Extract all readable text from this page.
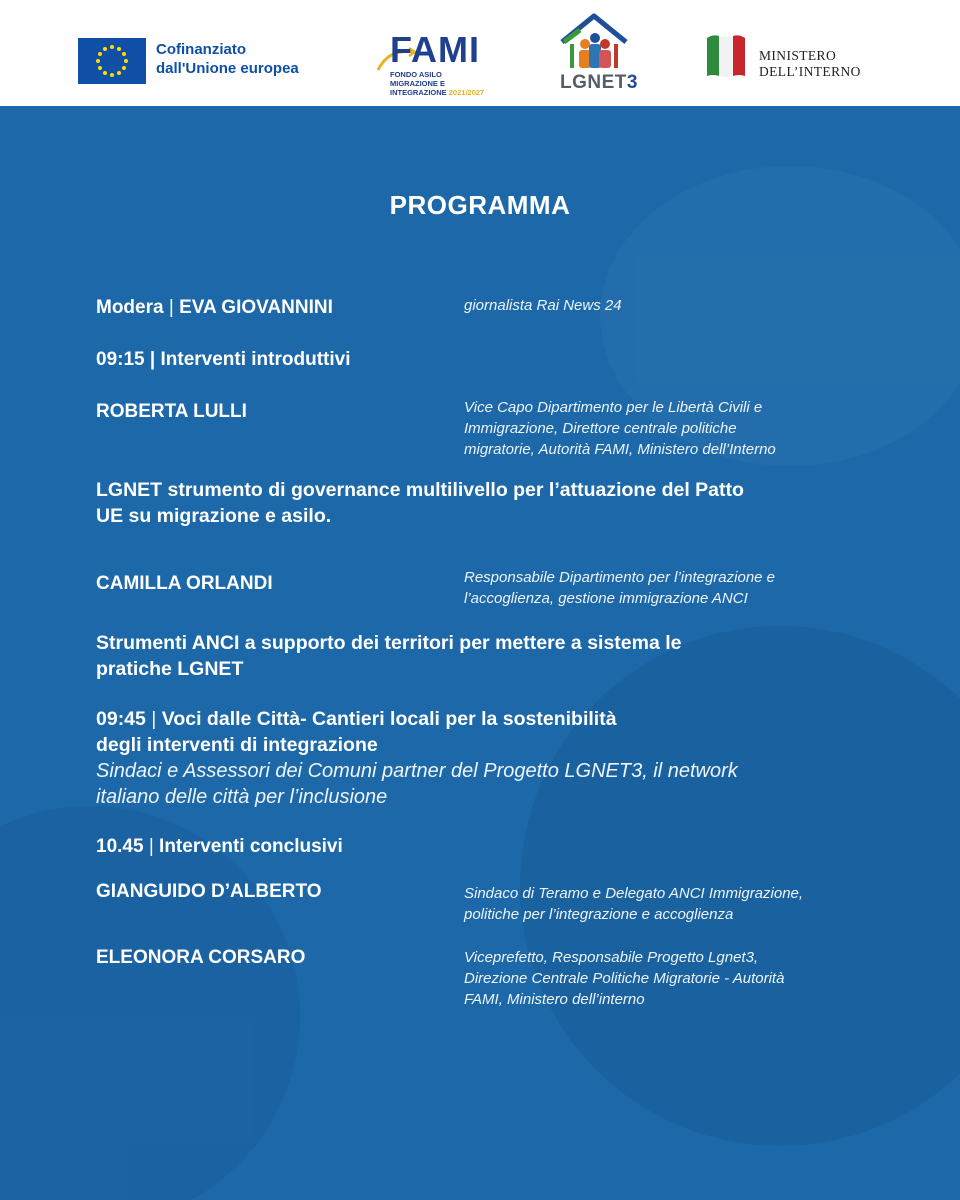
Cofinanziato
dall'Unione europea	FAMI
FONDO ASILO MIGRAZIONE E
INTEGRAZIONE 2021/2027	LGNET3
MINISTERO
DELL’INTERNO
PROGRAMMA
Modera | EVA GIOVANNINI	giornalista Rai News 24
09:15 | Interventi introduttivi
ROBERTA LULLI	Vice Capo Dipartimento per le Libertà Civili e
Immigrazione, Direttore centrale politiche
migratorie, Autorità FAMI, Ministero dell’Interno
LGNET strumento di governance multilivello per l’attuazione del Patto
UE su migrazione e asilo.
CAMILLA ORLANDI	Responsabile Dipartimento per l’integrazione e
l’accoglienza, gestione immigrazione ANCI
Strumenti ANCI a supporto dei territori per mettere a sistema le
pratiche LGNET
09:45 | Voci dalle Città- Cantieri locali per la sostenibilità
degli interventi di integrazione
Sindaci e Assessori dei Comuni partner del Progetto LGNET3, il network
italiano delle città per l’inclusione
10.45 | Interventi conclusivi
GIANGUIDO D’ALBERTO	Sindaco di Teramo e Delegato ANCI Immigrazione,
politiche per l’integrazione e accoglienza
ELEONORA CORSARO	Viceprefetto, Responsabile Progetto Lgnet3,
Direzione Centrale Politiche Migratorie - Autorità
FAMI, Ministero dell’interno
